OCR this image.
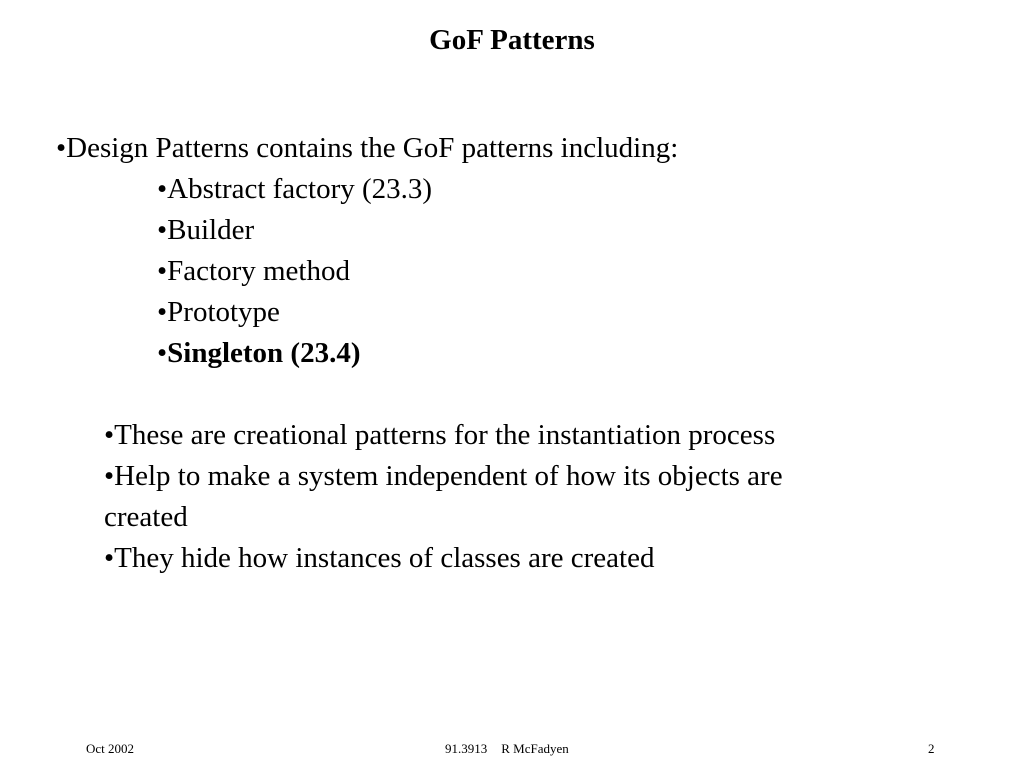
GoF Patterns
•Design Patterns contains the GoF patterns including:
•Abstract factory (23.3)
•Builder
•Factory method
•Prototype
•Singleton (23.4)
•These are creational patterns for the instantiation process
•Help to make a system independent of how its objects are
created
•They hide how instances of classes are created
Oct 2002	91.3913 R McFadyen	2
